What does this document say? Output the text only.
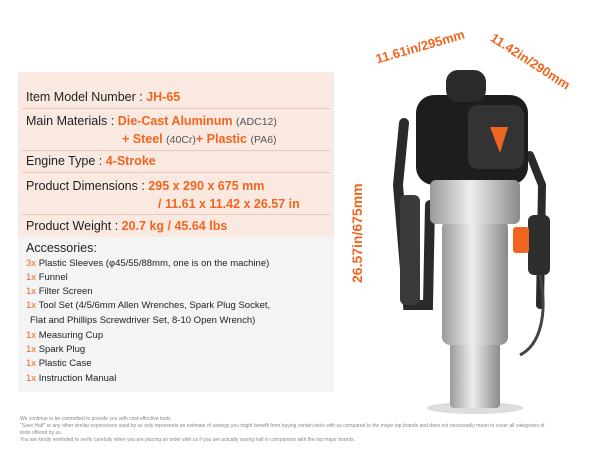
Item Model Number : JH-65
Main Materials : Die-Cast Aluminum (ADC12)
+ Steel (40Cr)+ Plastic (PA6)
Engine Type : 4-Stroke
Product Dimensions : 295 x 290 x 675 mm
/ 11.61 x 11.42 x 26.57 in
Product Weight : 20.7 kg / 45.64 lbs
Accessories:
3x Plastic Sleeves (φ45/55/88mm, one is on the machine)
1x Funnel
1x Filter Screen
1x Tool Set (4/5/6mm Allen Wrenches, Spark Plug Socket,
Flat and Phillips Screwdriver Set, 8-10 Open Wrench)
1x Measuring Cup
1x Spark Plug
1x Plastic Case
1x Instruction Manual
11.61in/295mm 11.42in/290mm
26.57in/675mm
We continue to be committed to provide you with cost-effective tools.
"Save Half" or any other similar expressions used by us only represents an estimate of savings you might benefit from buying certain tools with us compared to the major top brands and does not necessarily mean to cover all categories of
tools offered by us.
You are kindly reminded to verify carefully when you are placing an order with us if you are actually saving half in comparison with the top major brands.
